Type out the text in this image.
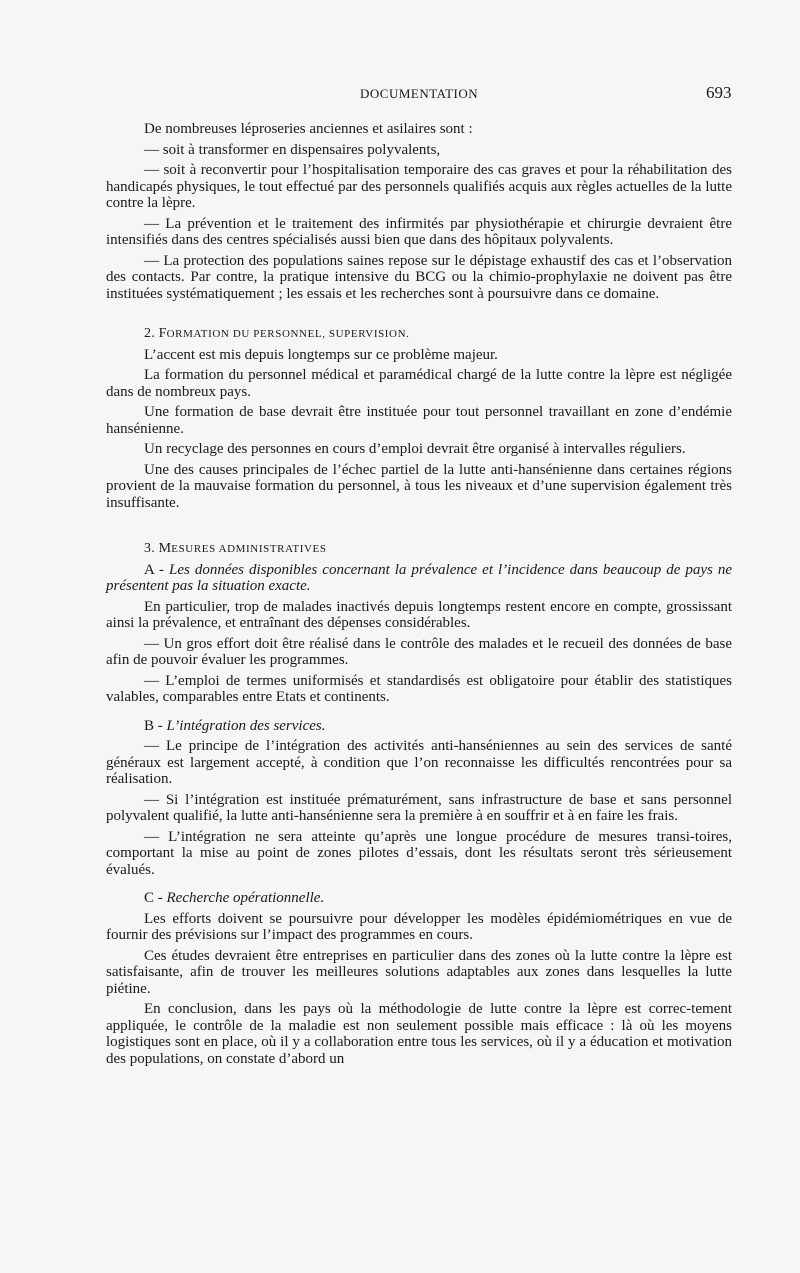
DOCUMENTATION	693

De nombreuses léproseries anciennes et asilaires sont :

— soit à transformer en dispensaires polyvalents,

— soit à reconvertir pour l’hospitalisation temporaire des cas graves et pour la réhabilitation des handicapés physiques, le tout effectué par des personnels qualifiés acquis aux règles actuelles de la lutte contre la lèpre.

— La prévention et le traitement des infirmités par physiothérapie et chirurgie devraient être intensifiés dans des centres spécialisés aussi bien que dans des hôpitaux polyvalents.

— La protection des populations saines repose sur le dépistage exhaustif des cas et l’observation des contacts. Par contre, la pratique intensive du BCG ou la chimio-prophylaxie ne doivent pas être instituées systématiquement ; les essais et les recherches sont à poursuivre dans ce domaine.

2. FORMATION DU PERSONNEL, SUPERVISION.

L’accent est mis depuis longtemps sur ce problème majeur.

La formation du personnel médical et paramédical chargé de la lutte contre la lèpre est négligée dans de nombreux pays.

Une formation de base devrait être instituée pour tout personnel travaillant en zone d’endémie hansénienne.

Un recyclage des personnes en cours d’emploi devrait être organisé à intervalles réguliers.

Une des causes principales de l’échec partiel de la lutte anti-hansénienne dans certaines régions provient de la mauvaise formation du personnel, à tous les niveaux et d’une supervision également très insuffisante.

3. MESURES ADMINISTRATIVES

A - Les données disponibles concernant la prévalence et l’incidence dans beaucoup de pays ne présentent pas la situation exacte.

En particulier, trop de malades inactivés depuis longtemps restent encore en compte, grossissant ainsi la prévalence, et entraînant des dépenses considérables.

— Un gros effort doit être réalisé dans le contrôle des malades et le recueil des données de base afin de pouvoir évaluer les programmes.

— L’emploi de termes uniformisés et standardisés est obligatoire pour établir des statistiques valables, comparables entre Etats et continents.

B - L’intégration des services.

— Le principe de l’intégration des activités anti-hanséniennes au sein des services de santé généraux est largement accepté, à condition que l’on reconnaisse les difficultés rencontrées pour sa réalisation.

— Si l’intégration est instituée prématurément, sans infrastructure de base et sans personnel polyvalent qualifié, la lutte anti-hansénienne sera la première à en souffrir et à en faire les frais.

— L’intégration ne sera atteinte qu’après une longue procédure de mesures transi-toires, comportant la mise au point de zones pilotes d’essais, dont les résultats seront très sérieusement évalués.

C - Recherche opérationnelle.

Les efforts doivent se poursuivre pour développer les modèles épidémiométriques en vue de fournir des prévisions sur l’impact des programmes en cours.

Ces études devraient être entreprises en particulier dans des zones où la lutte contre la lèpre est satisfaisante, afin de trouver les meilleures solutions adaptables aux zones dans lesquelles la lutte piétine.

En conclusion, dans les pays où la méthodologie de lutte contre la lèpre est correc-tement appliquée, le contrôle de la maladie est non seulement possible mais efficace : là où les moyens logistiques sont en place, où il y a collaboration entre tous les services, où il y a éducation et motivation des populations, on constate d’abord un
